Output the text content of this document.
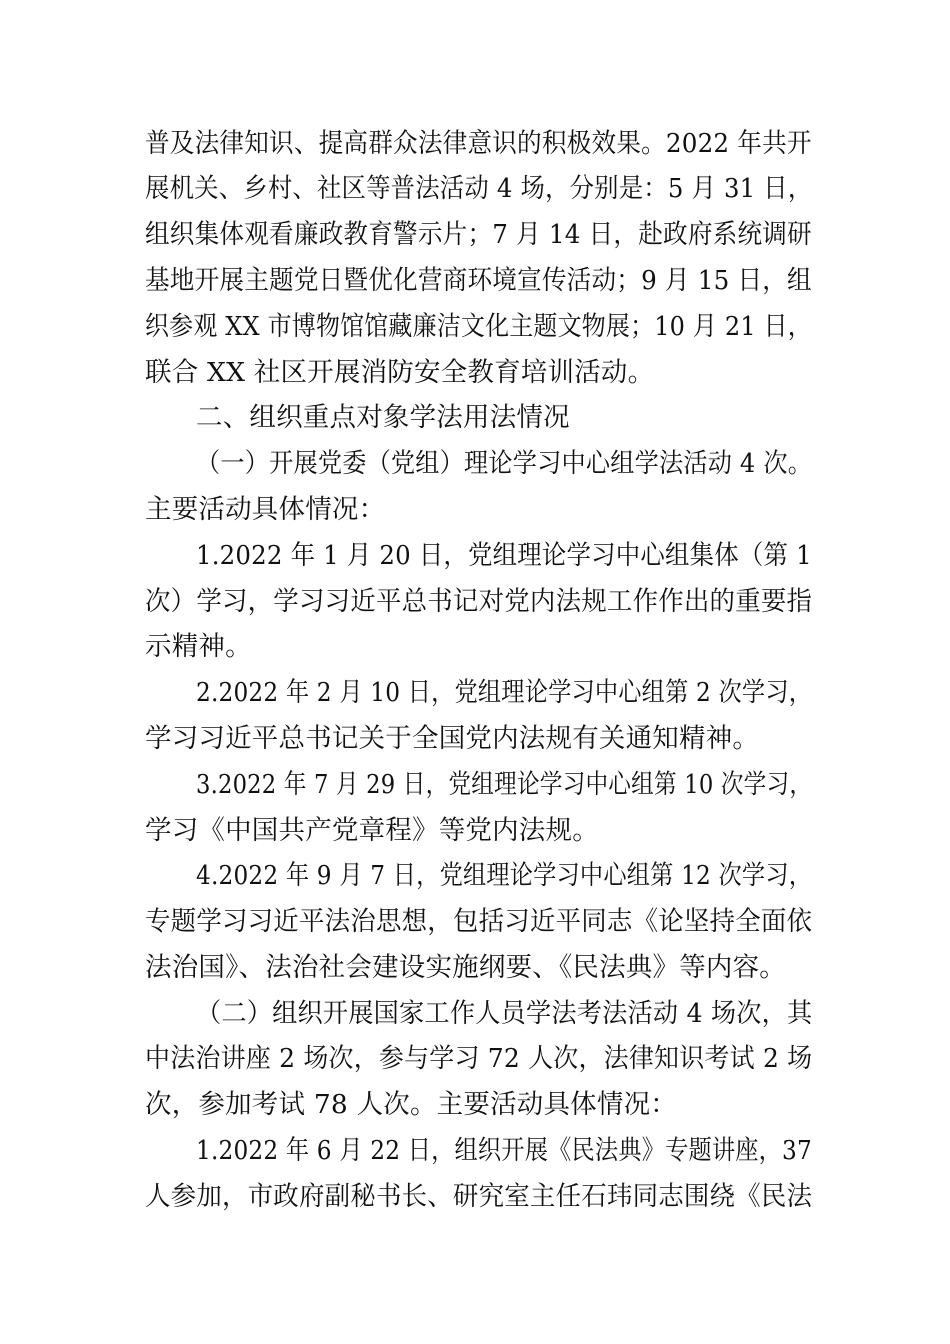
普及法律知识、提高群众法律意识的积极效果。2022 年共开

展机关、乡村、社区等普法活动 4 场，分别是：5 月 31 日，

组织集体观看廉政教育警示片；7 月 14 日，赴政府系统调研

基地开展主题党日暨优化营商环境宣传活动；9 月 15 日，组

织参观 XX 市博物馆馆藏廉洁文化主题文物展；10 月 21 日，

联合 XX 社区开展消防安全教育培训活动。

二、组织重点对象学法用法情况

（一）开展党委（党组）理论学习中心组学法活动 4 次。

主要活动具体情况：

1.2022 年 1 月 20 日，党组理论学习中心组集体（第 1

次）学习，学习习近平总书记对党内法规工作作出的重要指

示精神。

2.2022 年 2 月 10 日，党组理论学习中心组第 2 次学习，

学习习近平总书记关于全国党内法规有关通知精神。

3.2022 年 7 月 29 日，党组理论学习中心组第 10 次学习，

学习《中国共产党章程》等党内法规。

4.2022 年 9 月 7 日，党组理论学习中心组第 12 次学习，

专题学习习近平法治思想，包括习近平同志《论坚持全面依

法治国》、法治社会建设实施纲要、《民法典》等内容。

（二）组织开展国家工作人员学法考法活动 4 场次，其

中法治讲座 2 场次，参与学习 72 人次，法律知识考试 2 场

次，参加考试 78 人次。主要活动具体情况：

1.2022 年 6 月 22 日，组织开展《民法典》专题讲座，37

人参加，市政府副秘书长、研究室主任石玮同志围绕《民法
